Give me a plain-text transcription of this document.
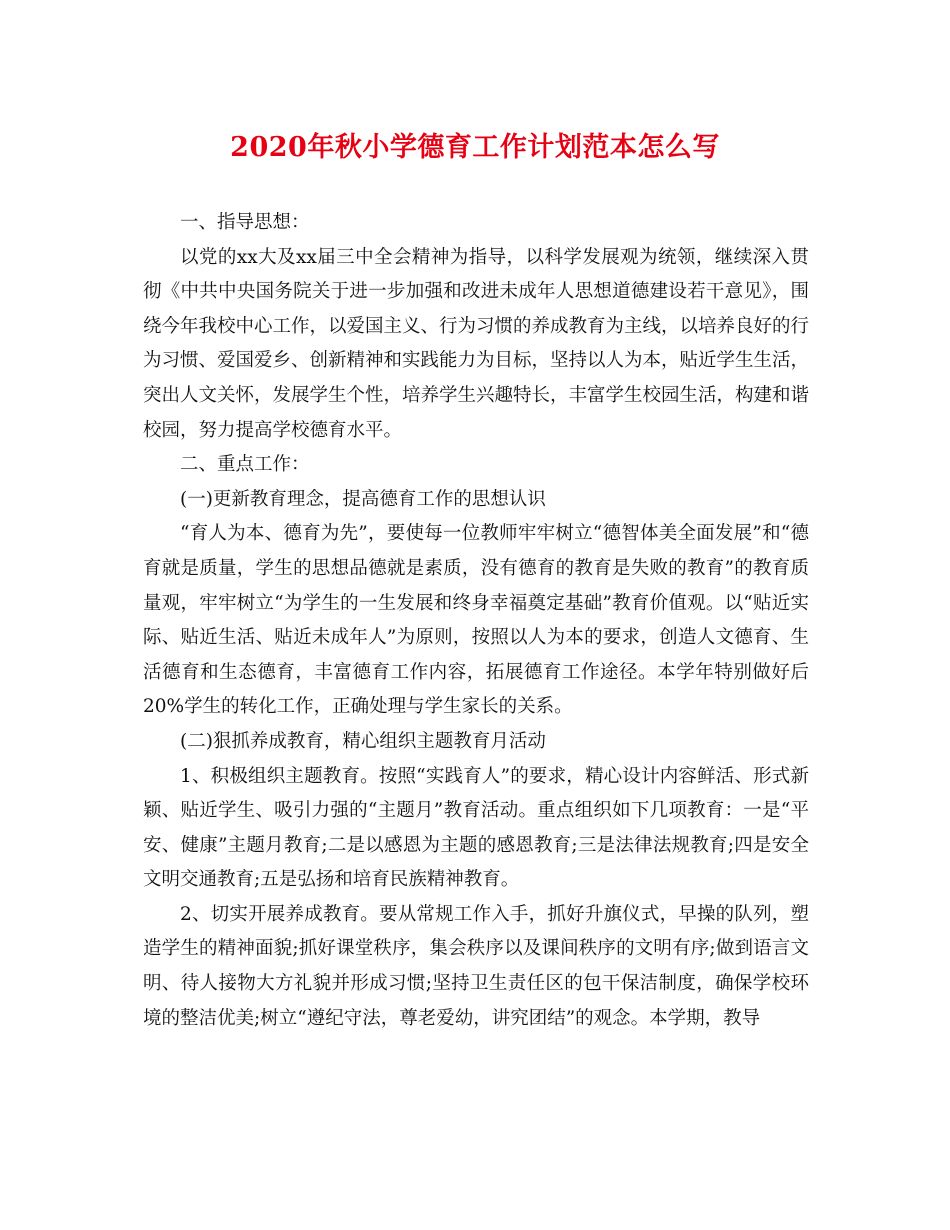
2020年秋小学德育工作计划范本怎么写

一、指导思想：

以党的xx大及xx届三中全会精神为指导，以科学发展观为统领，继续深入贯彻《中共中央国务院关于进一步加强和改进未成年人思想道德建设若干意见》，围绕今年我校中心工作，以爱国主义、行为习惯的养成教育为主线，以培养良好的行为习惯、爱国爱乡、创新精神和实践能力为目标，坚持以人为本，贴近学生生活，突出人文关怀，发展学生个性，培养学生兴趣特长，丰富学生校园生活，构建和谐校园，努力提高学校德育水平。

二、重点工作：

(一)更新教育理念，提高德育工作的思想认识

“育人为本、德育为先”，要使每一位教师牢牢树立“德智体美全面发展”和“德育就是质量，学生的思想品德就是素质，没有德育的教育是失败的教育”的教育质量观，牢牢树立“为学生的一生发展和终身幸福奠定基础”教育价值观。以“贴近实际、贴近生活、贴近未成年人”为原则，按照以人为本的要求，创造人文德育、生活德育和生态德育，丰富德育工作内容，拓展德育工作途径。本学年特别做好后20%学生的转化工作，正确处理与学生家长的关系。

(二)狠抓养成教育，精心组织主题教育月活动

1、积极组织主题教育。按照“实践育人”的要求，精心设计内容鲜活、形式新颖、贴近学生、吸引力强的“主题月”教育活动。重点组织如下几项教育：一是“平安、健康”主题月教育;二是以感恩为主题的感恩教育;三是法律法规教育;四是安全文明交通教育;五是弘扬和培育民族精神教育。

2、切实开展养成教育。要从常规工作入手，抓好升旗仪式，早操的队列，塑造学生的精神面貌;抓好课堂秩序，集会秩序以及课间秩序的文明有序;做到语言文明、待人接物大方礼貌并形成习惯;坚持卫生责任区的包干保洁制度，确保学校环境的整洁优美;树立“遵纪守法，尊老爱幼，讲究团结”的观念。本学期，教导
